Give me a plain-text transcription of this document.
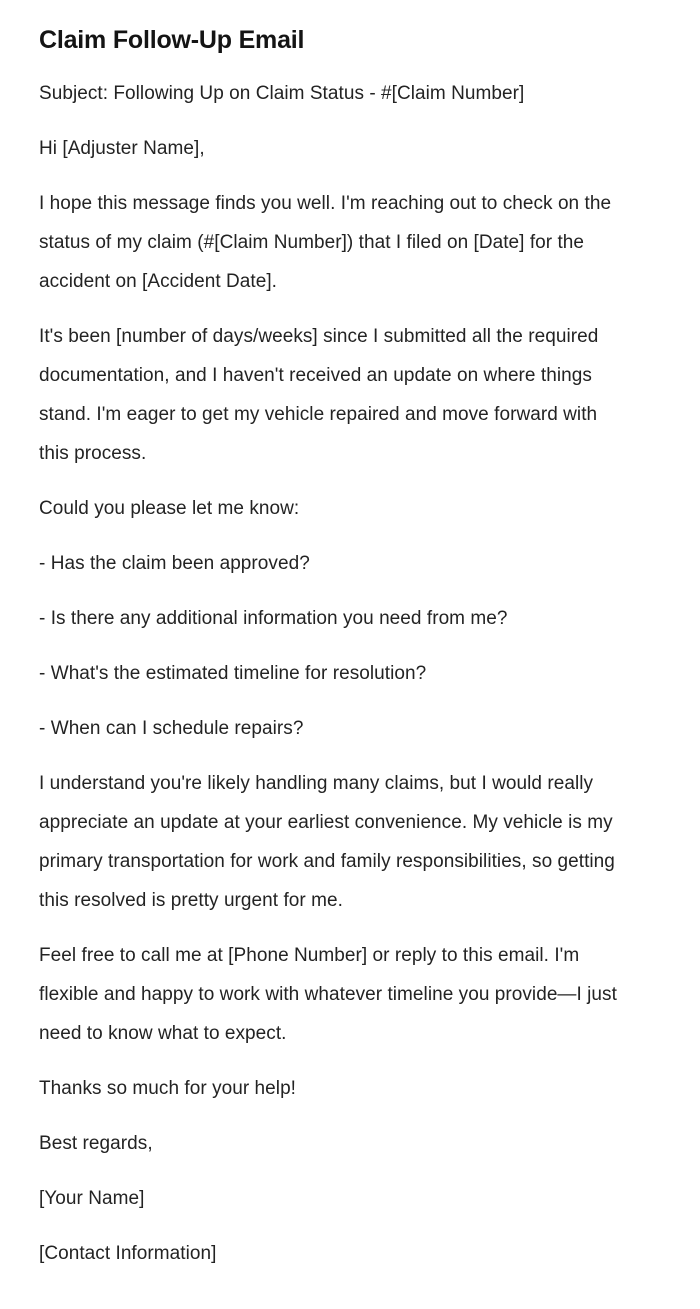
Claim Follow-Up Email

Subject: Following Up on Claim Status - #[Claim Number]

Hi [Adjuster Name],

I hope this message finds you well. I'm reaching out to check on the status of my claim (#[Claim Number]) that I filed on [Date] for the accident on [Accident Date].

It's been [number of days/weeks] since I submitted all the required documentation, and I haven't received an update on where things stand. I'm eager to get my vehicle repaired and move forward with this process.

Could you please let me know:

- Has the claim been approved?

- Is there any additional information you need from me?

- What's the estimated timeline for resolution?

- When can I schedule repairs?

I understand you're likely handling many claims, but I would really appreciate an update at your earliest convenience. My vehicle is my primary transportation for work and family responsibilities, so getting this resolved is pretty urgent for me.

Feel free to call me at [Phone Number] or reply to this email. I'm flexible and happy to work with whatever timeline you provide—I just need to know what to expect.

Thanks so much for your help!

Best regards,

[Your Name]

[Contact Information]
